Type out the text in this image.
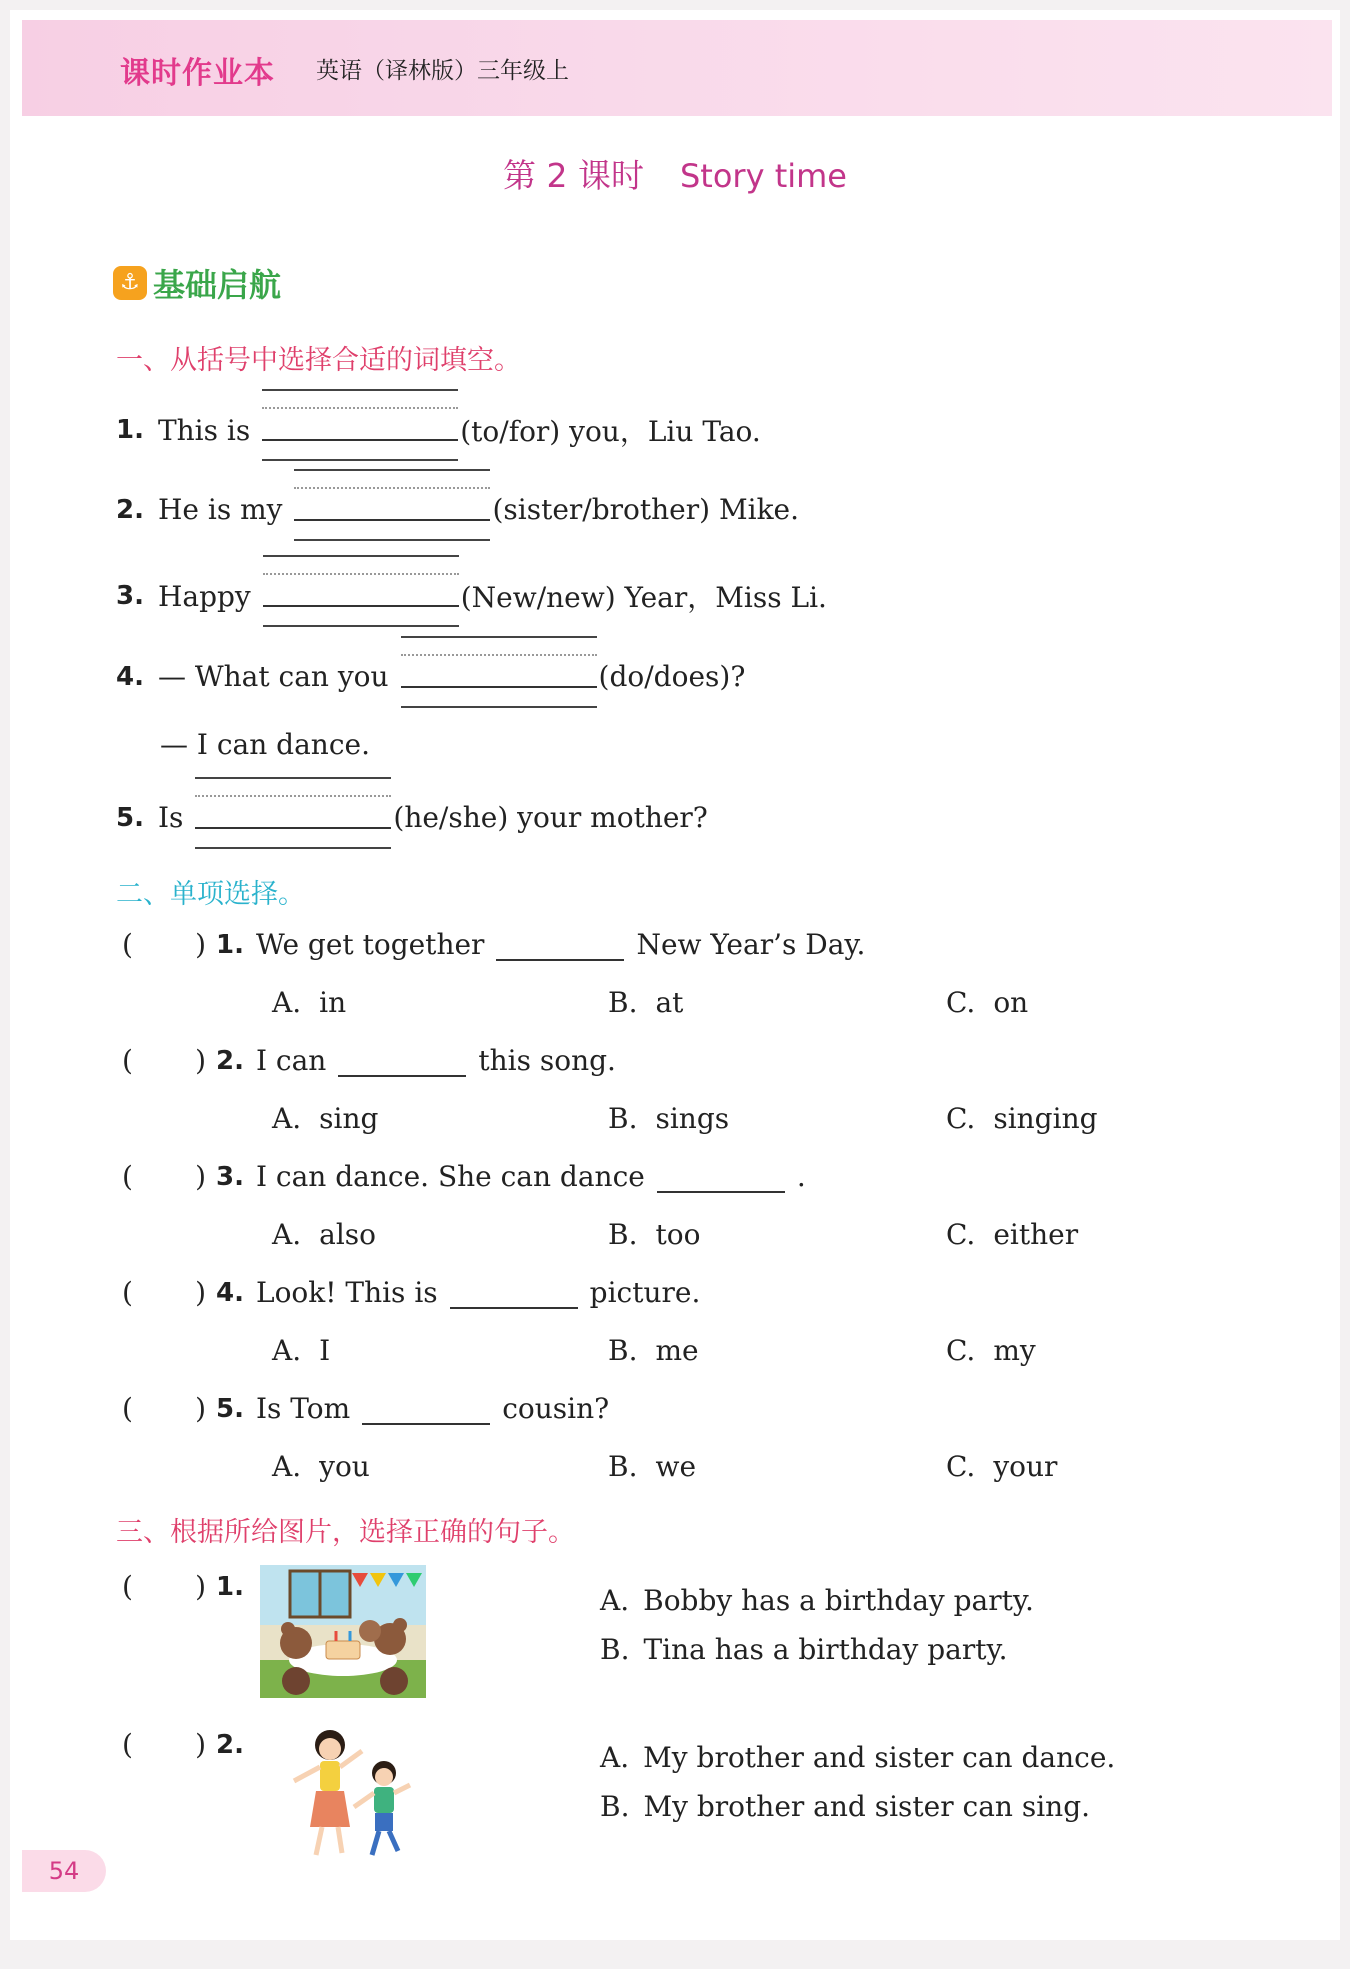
课时作业本 英语（译林版）三年级上
第 2 课时 Story time
⚓ 基础启航
一、从括号中选择合适的词填空。
1. This is	(to/for) you，Liu Tao.
2. He is my	(sister/brother) Mike.
3. Happy	(New/new) Year，Miss Li.
4. — What can you	(do/does)?
— I can dance.
5. Is	(he/she) your mother?
二、单项选择。
( ) 1. We get together	New Year’s Day.
A. in	B. at	C. on
( ) 2. I can	this song.
A. sing	B. sings	C. singing
( ) 3. I can dance. She can dance	.
A. also	B. too	C. either
( ) 4. Look! This is	picture.
A. I	B. me	C. my
( ) 5. Is Tom	cousin?
A. you	B. we	C. your
三、根据所给图片，选择正确的句子。
( ) 1.	A. Bobby has a birthday party.
B. Tina has a birthday party.
( ) 2.	A. My brother and sister can dance.
B. My brother and sister can sing.
54
